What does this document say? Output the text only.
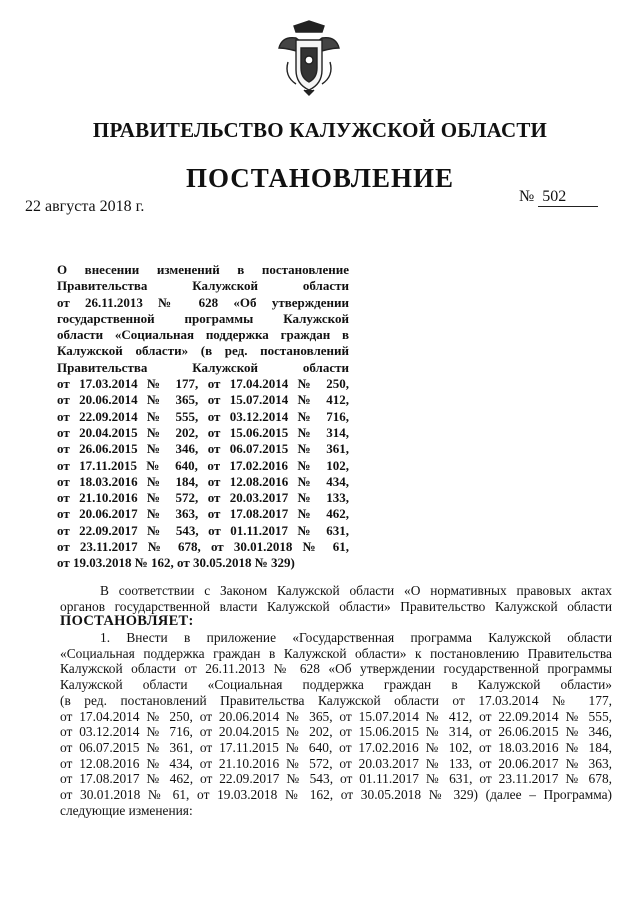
ПРАВИТЕЛЬСТВО КАЛУЖСКОЙ ОБЛАСТИ
ПОСТАНОВЛЕНИЕ
22 августа 2018 г.
№ 502
О внесении изменений в постановление
Правительства Калужской области
от 26.11.2013 № 628 «Об утверждении
государственной программы Калужской
области «Социальная поддержка граждан в
Калужской области» (в ред. постановлений
Правительства Калужской области
от 17.03.2014 № 177, от 17.04.2014 № 250,
от 20.06.2014 № 365, от 15.07.2014 № 412,
от 22.09.2014 № 555, от 03.12.2014 № 716,
от 20.04.2015 № 202, от 15.06.2015 № 314,
от 26.06.2015 № 346, от 06.07.2015 № 361,
от 17.11.2015 № 640, от 17.02.2016 № 102,
от 18.03.2016 № 184, от 12.08.2016 № 434,
от 21.10.2016 № 572, от 20.03.2017 № 133,
от 20.06.2017 № 363, от 17.08.2017 № 462,
от 22.09.2017 № 543, от 01.11.2017 № 631,
от 23.11.2017 № 678, от 30.01.2018 № 61,
от 19.03.2018 № 162, от 30.05.2018 № 329)
В соответствии с Законом Калужской области «О нормативных правовых актах
органов государственной власти Калужской области» Правительство Калужской области
ПОСТАНОВЛЯЕТ:
1. Внести в приложение «Государственная программа Калужской области
«Социальная поддержка граждан в Калужской области» к постановлению Правительства
Калужской области от 26.11.2013 № 628 «Об утверждении государственной программы
Калужской области «Социальная поддержка граждан в Калужской области»
(в ред. постановлений Правительства Калужской области от 17.03.2014 № 177,
от 17.04.2014 № 250, от 20.06.2014 № 365, от 15.07.2014 № 412, от 22.09.2014 № 555,
от 03.12.2014 № 716, от 20.04.2015 № 202, от 15.06.2015 № 314, от 26.06.2015 № 346,
от 06.07.2015 № 361, от 17.11.2015 № 640, от 17.02.2016 № 102, от 18.03.2016 № 184,
от 12.08.2016 № 434, от 21.10.2016 № 572, от 20.03.2017 № 133, от 20.06.2017 № 363,
от 17.08.2017 № 462, от 22.09.2017 № 543, от 01.11.2017 № 631, от 23.11.2017 № 678,
от 30.01.2018 № 61, от 19.03.2018 № 162, от 30.05.2018 № 329) (далее – Программа)
следующие изменения:
